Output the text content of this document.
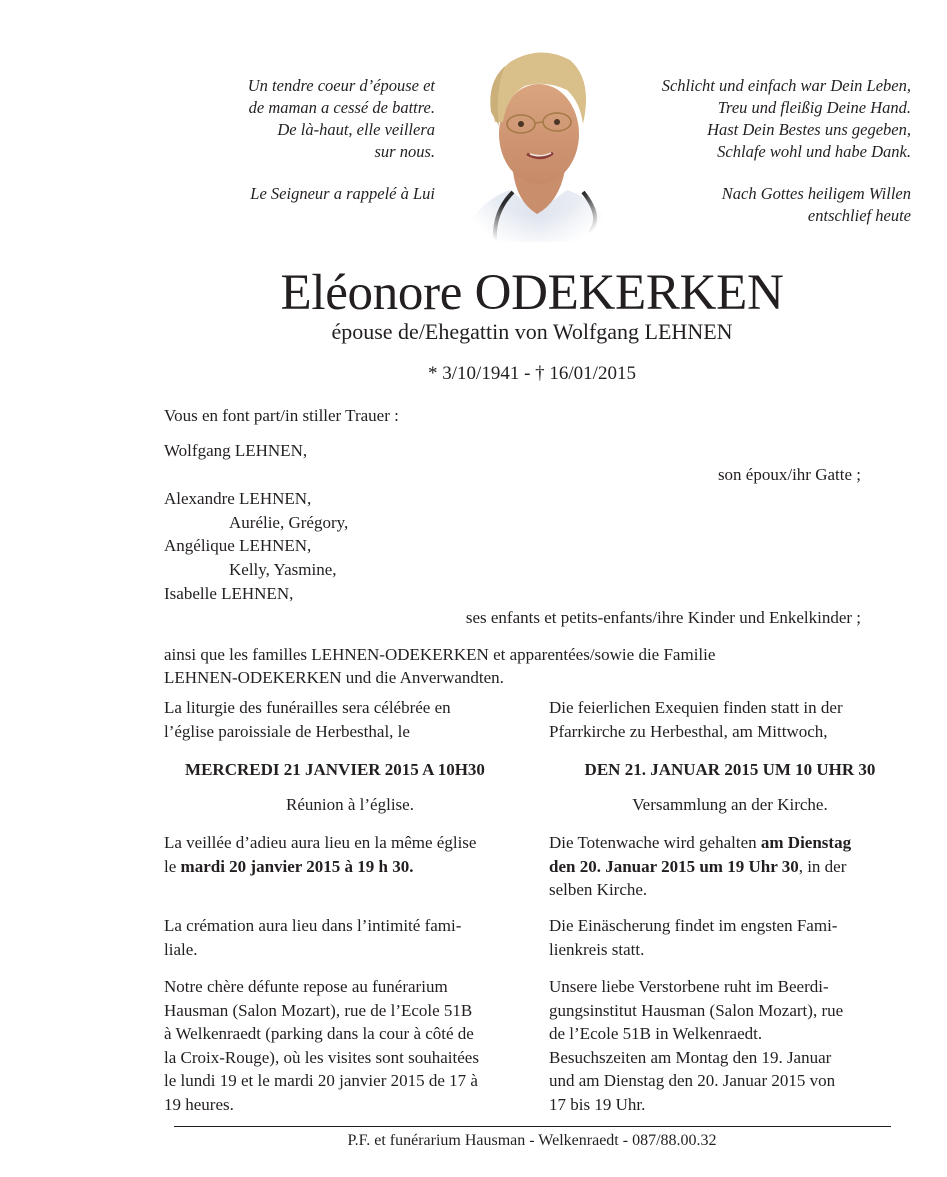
Un tendre coeur d’épouse et
de maman a cessé de battre.
De là-haut, elle veillera
sur nous.
Le Seigneur a rappelé à Lui
Schlicht und einfach war Dein Leben,
Treu und fleißig Deine Hand.
Hast Dein Bestes uns gegeben,
Schlafe wohl und habe Dank.
Nach Gottes heiligem Willen
entschlief heute
Eléonore ODEKERKEN
épouse de/Ehegattin von Wolfgang LEHNEN
* 3/10/1941 - † 16/01/2015
Vous en font part/in stiller Trauer :
Wolfgang LEHNEN,
son époux/ihr Gatte ;
Alexandre LEHNEN,
Aurélie, Grégory,
Angélique LEHNEN,
Kelly, Yasmine,
Isabelle LEHNEN,
ses enfants et petits-enfants/ihre Kinder und Enkelkinder ;
ainsi que les familles LEHNEN-ODEKERKEN et apparentées/sowie die Familie
LEHNEN-ODEKERKEN und die Anverwandten.

La liturgie des funérailles sera célébrée en

l’église paroissiale de Herbesthal, le

MERCREDI 21 JANVIER 2015 A 10H30
Réunion à l’église.

La veillée d’adieu aura lieu en la même église

le mardi 20 janvier 2015 à 19 h 30.

La crémation aura lieu dans l’intimité fami-

liale.

Notre chère défunte repose au funérarium

Hausman (Salon Mozart), rue de l’Ecole 51B

à Welkenraedt (parking dans la cour à côté de

la Croix-Rouge), où les visites sont souhaitées

le lundi 19 et le mardi 20 janvier 2015 de 17 à

19 heures.

Die feierlichen Exequien finden statt in der

Pfarrkirche zu Herbesthal, am Mittwoch,

DEN 21. JANUAR 2015 UM 10 UHR 30
Versammlung an der Kirche.

Die Totenwache wird gehalten am Dienstag

den 20. Januar 2015 um 19 Uhr 30, in der

selben Kirche.

Die Einäscherung findet im engsten Fami-

lienkreis statt.

Unsere liebe Verstorbene ruht im Beerdi-

gungsinstitut Hausman (Salon Mozart), rue

de l’Ecole 51B in Welkenraedt.

Besuchszeiten am Montag den 19. Januar

und am Dienstag den 20. Januar 2015 von

17 bis 19 Uhr.

P.F. et funérarium Hausman - Welkenraedt - 087/88.00.32
